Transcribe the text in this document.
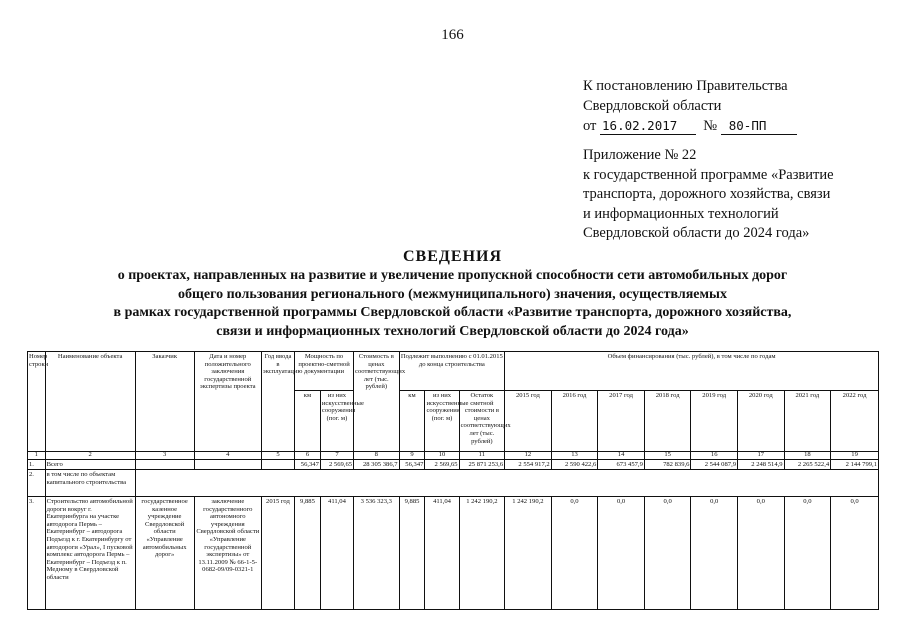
166
К постановлению Правительства
Свердловской области
от 16.02.2017 № 80-ПП
Приложение № 22
к государственной программе «Развитие
транспорта, дорожного хозяйства, связи
и информационных технологий
Свердловской области до 2024 года»
СВЕДЕНИЯ
о проектах, направленных на развитие и увеличение пропускной способности сети автомобильных дорог
общего пользования регионального (межмуниципального) значения, осуществляемых
в рамках государственной программы Свердловской области «Развитие транспорта, дорожного хозяйства,
связи и информационных технологий Свердловской области до 2024 года»
Номер строки	Наименование объекта	Заказчик	Дата и номер положительного заключения государственной экспертизы проекта	Год ввода в эксплуатацию	Мощность по проектно-сметной документации		Стоимость в ценах соответствующих лет (тыс. рублей)	Подлежит выполнению с 01.01.2015 до конца строительства			Объем финансирования (тыс. рублей), в том числе по годам							
					км	из них искусственные сооружения (пог. м)		км	из них искусственные сооружения (пог. м)	Остаток сметной стоимости в ценах соответствующих лет (тыс. рублей)	2015 год	2016 год	2017 год	2018 год	2019 год	2020 год	2021 год	2022 год
1	2	3	4	5	6	7	8	9	10	11	12	13	14	15	16	17	18	19
1.	Всего				56,347	2 569,65	28 305 386,7	56,347	2 569,65	25 871 253,6	2 554 917,2	2 590 422,6	673 457,9	782 839,6	2 544 087,9	2 248 514,9	2 265 522,4	2 144 799,1
2.	в том числе по объектам капитального строительства																	
3.	Строительство автомобильной дороги вокруг г. Екатеринбурга на участке автодорога Пермь – Екатеринбург – автодорога Подъезд к г. Екатеринбургу от автодороги «Урал», I пусковой комплекс автодорога Пермь – Екатеринбург – Подъезд к п. Медному в Свердловской области	государственное казенное учреждение Свердловской области «Управление автомобильных дорог»	заключение государственного автономного учреждения Свердловской области «Управление государственной экспертизы» от 13.11.2009 № 66-1-5-0682-09/09-0321-1	2015 год	9,885	411,04	3 536 323,3	9,885	411,04	1 242 190,2	1 242 190,2	0,0	0,0	0,0	0,0	0,0	0,0	0,0
